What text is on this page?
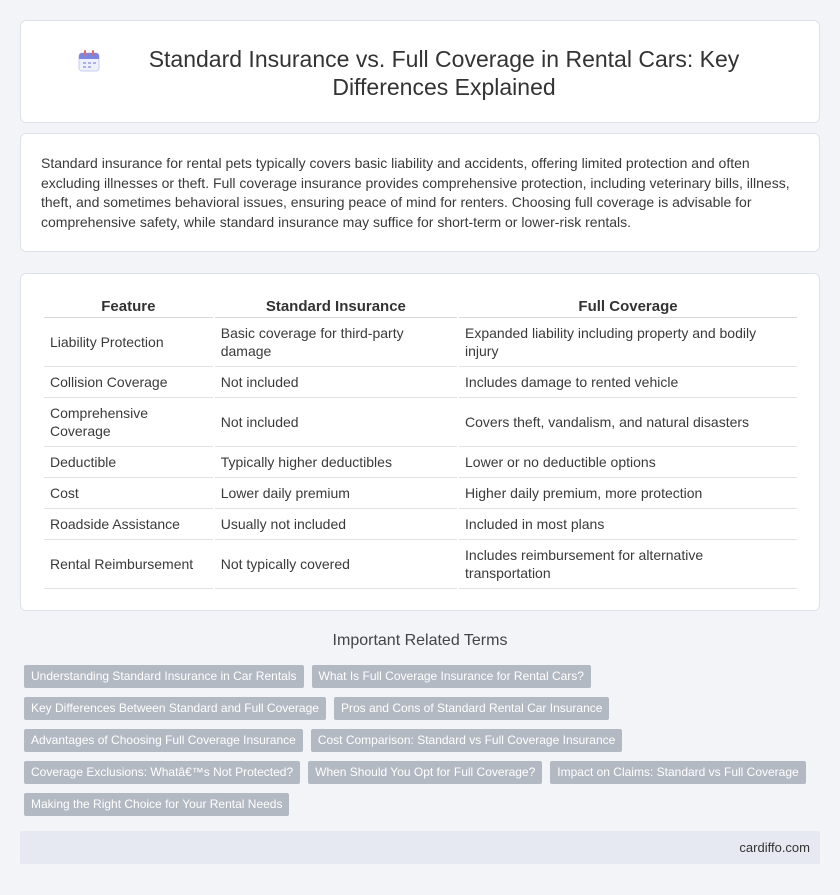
Standard Insurance vs. Full Coverage in Rental Cars: Key Differences Explained

Standard insurance for rental pets typically covers basic liability and accidents, offering limited protection and often excluding illnesses or theft. Full coverage insurance provides comprehensive protection, including veterinary bills, illness, theft, and sometimes behavioral issues, ensuring peace of mind for renters. Choosing full coverage is advisable for comprehensive safety, while standard insurance may suffice for short-term or lower-risk rentals.

Feature	Standard Insurance	Full Coverage
Liability Protection	Basic coverage for third-party damage	Expanded liability including property and bodily injury
Collision Coverage	Not included	Includes damage to rented vehicle
Comprehensive Coverage	Not included	Covers theft, vandalism, and natural disasters
Deductible	Typically higher deductibles	Lower or no deductible options
Cost	Lower daily premium	Higher daily premium, more protection
Roadside Assistance	Usually not included	Included in most plans
Rental Reimbursement	Not typically covered	Includes reimbursement for alternative transportation
Important Related Terms
Understanding Standard Insurance in Car Rentals	What Is Full Coverage Insurance for Rental Cars?
Key Differences Between Standard and Full Coverage	Pros and Cons of Standard Rental Car Insurance
Advantages of Choosing Full Coverage Insurance	Cost Comparison: Standard vs Full Coverage Insurance
Coverage Exclusions: Whatâ€™s Not Protected?	When Should You Opt for Full Coverage?	Impact on Claims: Standard vs Full Coverage
Making the Right Choice for Your Rental Needs
cardiffo.com
